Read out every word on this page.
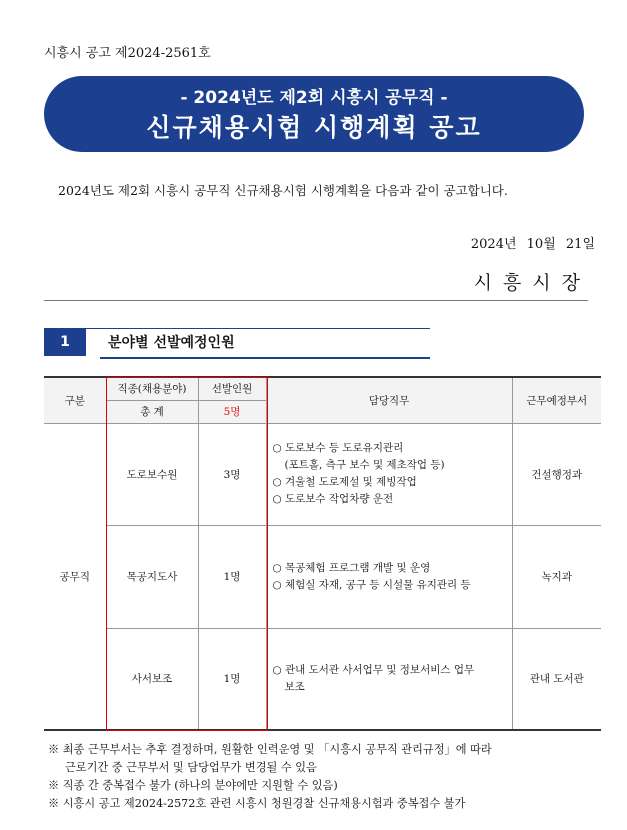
시흥시 공고 제2024-2561호
- 2024년도 제2회 시흥시 공무직 -
신규채용시험 시행계획 공고
2024년도 제2회 시흥시 공무직 신규채용시험 시행계획을 다음과 같이 공고합니다.
2024년 10월 21일
시흥시장
1	분야별 선발예정인원
구분	직종(채용분야)	선발인원	담당직무	근무예정부서
	총 계	5명		
공무직	도로보수원	3명	○ 도로보수 등 도로유지관리
(포트홀, 측구 보수 및 제초작업 등)
○ 겨울철 도로제설 및 제빙작업
○ 도로보수 작업차량 운전	건설행정과
	목공지도사	1명	○ 목공체험 프로그램 개발 및 운영
○ 체험실 자재, 공구 등 시설물 유지관리 등	녹지과
	사서보조	1명	○ 관내 도서관 사서업무 및 정보서비스 업무
보조	관내 도서관
※ 최종 근무부서는 추후 결정하며, 원활한 인력운영 및 「시흥시 공무직 관리규정」에 따라
근로기간 중 근무부서 및 담당업무가 변경될 수 있음
※ 직종 간 중복접수 불가 (하나의 분야에만 지원할 수 있음)
※ 시흥시 공고 제2024-2572호 관련 시흥시 청원경찰 신규채용시험과 중복접수 불가
